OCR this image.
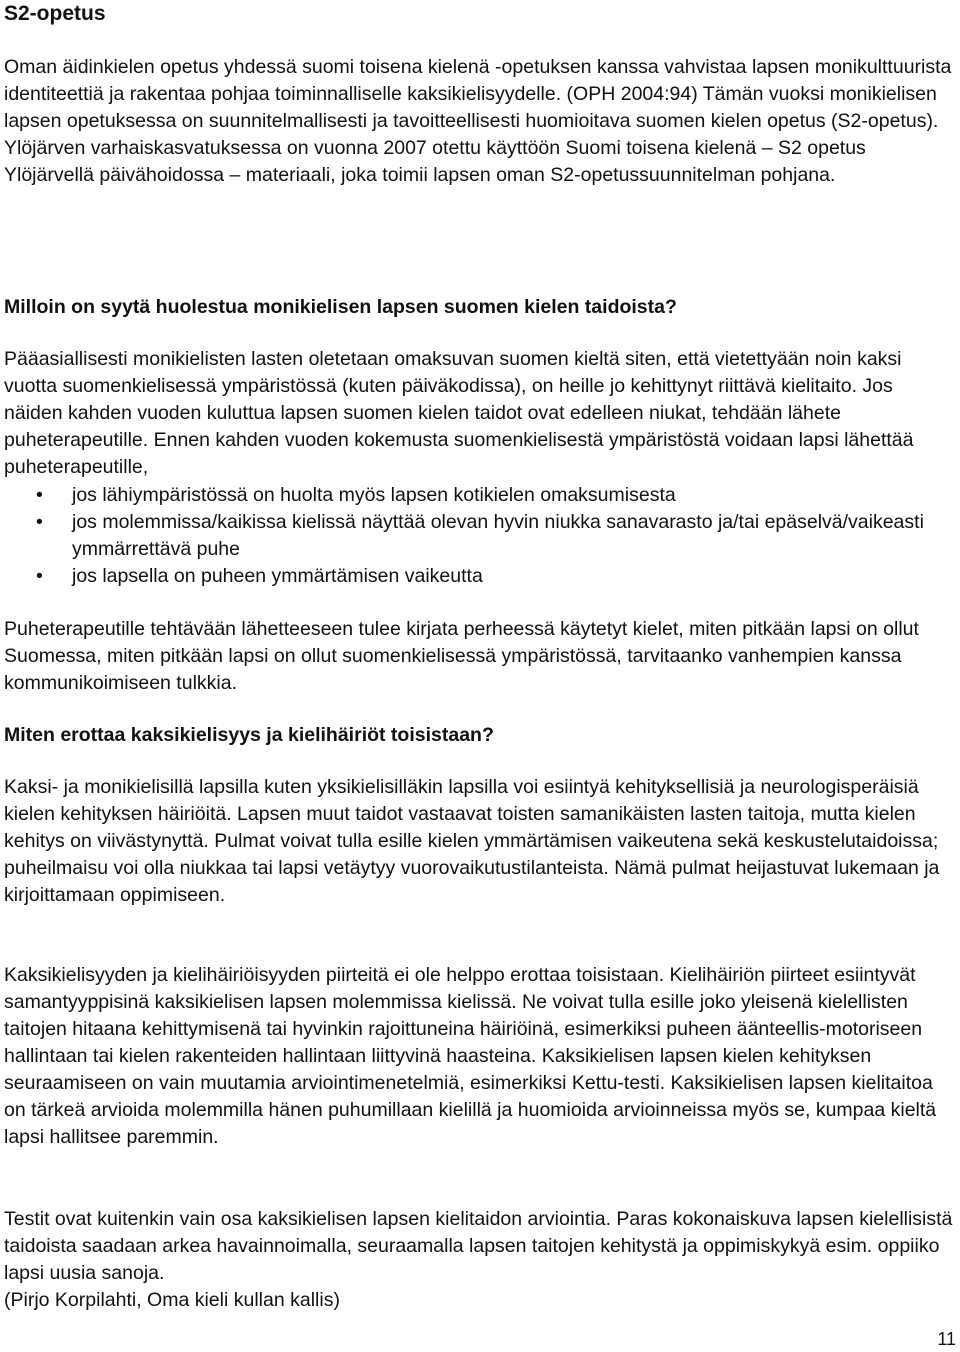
S2-opetus

Oman äidinkielen opetus yhdessä suomi toisena kielenä -opetuksen kanssa vahvistaa lapsen monikulttuurista identiteettiä ja rakentaa pohjaa toiminnalliselle kaksikielisyydelle. (OPH 2004:94) Tämän vuoksi monikielisen lapsen opetuksessa on suunnitelmallisesti ja tavoitteellisesti huomioitava suomen kielen opetus (S2-opetus). Ylöjärven varhaiskasvatuksessa on vuonna 2007 otettu käyttöön Suomi toisena kielenä – S2 opetus Ylöjärvellä päivähoidossa – materiaali, joka toimii lapsen oman S2-opetussuunnitelman pohjana.

Milloin on syytä huolestua monikielisen lapsen suomen kielen taidoista?

Pääasiallisesti monikielisten lasten oletetaan omaksuvan suomen kieltä siten, että vietettyään noin kaksi vuotta suomenkielisessä ympäristössä (kuten päiväkodissa), on heille jo kehittynyt riittävä kielitaito. Jos näiden kahden vuoden kuluttua lapsen suomen kielen taidot ovat edelleen niukat, tehdään lähete puheterapeutille. Ennen kahden vuoden kokemusta suomenkielisestä ympäristöstä voidaan lapsi lähettää puheterapeutille,

•	jos lähiympäristössä on huolta myös lapsen kotikielen omaksumisesta
•	jos molemmissa/kaikissa kielissä näyttää olevan hyvin niukka sanavarasto ja/tai epäselvä/vaikeasti ymmärrettävä puhe
•	jos lapsella on puheen ymmärtämisen vaikeutta

Puheterapeutille tehtävään lähetteeseen tulee kirjata perheessä käytetyt kielet, miten pitkään lapsi on ollut Suomessa, miten pitkään lapsi on ollut suomenkielisessä ympäristössä, tarvitaanko vanhempien kanssa kommunikoimiseen tulkkia.

Miten erottaa kaksikielisyys ja kielihäiriöt toisistaan?

Kaksi- ja monikielisillä lapsilla kuten yksikielisilläkin lapsilla voi esiintyä kehityksellisiä ja neurologisperäisiä kielen kehityksen häiriöitä. Lapsen muut taidot vastaavat toisten samanikäisten lasten taitoja, mutta kielen kehitys on viivästynyttä. Pulmat voivat tulla esille kielen ymmärtämisen vaikeutena sekä keskustelutaidoissa; puheilmaisu voi olla niukkaa tai lapsi vetäytyy vuorovaikutustilanteista. Nämä pulmat heijastuvat lukemaan ja kirjoittamaan oppimiseen.

Kaksikielisyyden ja kielihäiriöisyyden piirteitä ei ole helppo erottaa toisistaan. Kielihäiriön piirteet esiintyvät samantyyppisinä kaksikielisen lapsen molemmissa kielissä. Ne voivat tulla esille joko yleisenä kielellisten taitojen hitaana kehittymisenä tai hyvinkin rajoittuneina häiriöinä, esimerkiksi puheen äänteellis-motoriseen hallintaan tai kielen rakenteiden hallintaan liittyvinä haasteina. Kaksikielisen lapsen kielen kehityksen seuraamiseen on vain muutamia arviointimenetelmiä, esimerkiksi Kettu-testi. Kaksikielisen lapsen kielitaitoa on tärkeä arvioida molemmilla hänen puhumillaan kielillä ja huomioida arvioinneissa myös se, kumpaa kieltä lapsi hallitsee paremmin.

Testit ovat kuitenkin vain osa kaksikielisen lapsen kielitaidon arviointia. Paras kokonaiskuva lapsen kielellisistä taidoista saadaan arkea havainnoimalla, seuraamalla lapsen taitojen kehitystä ja oppimiskykyä esim. oppiiko lapsi uusia sanoja.

(Pirjo Korpilahti, Oma kieli kullan kallis)

11
